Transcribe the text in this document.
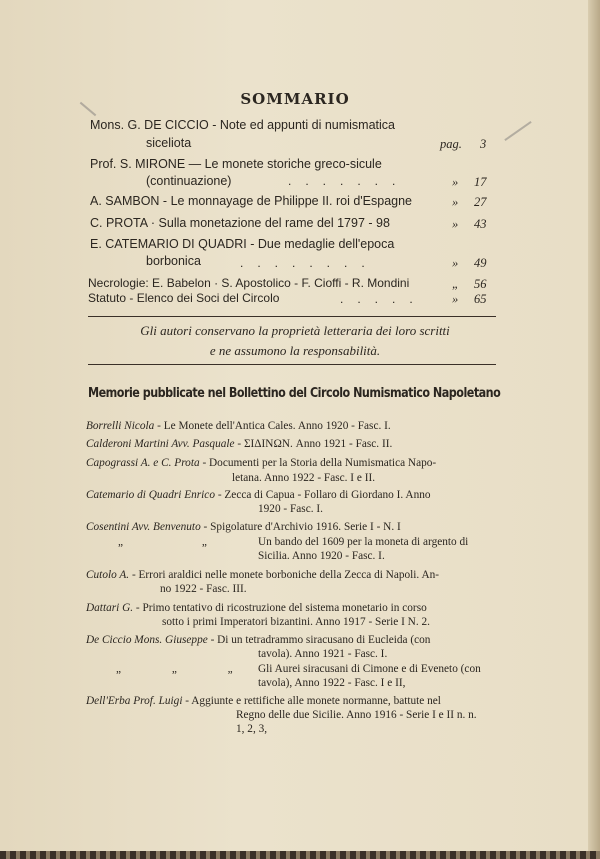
SOMMARIO
Mons. G. DE CICCIO - Note ed appunti di numismatica
siceliota	pag. 3
Prof. S. MIRONE — Le monete storiche greco-sicule
(continuazione)	.......	» 17
A. SAMBON - Le monnayage de Philippe II. roi d'Espagne	» 27
C. PROTA · Sulla monetazione del rame del 1797 - 98	» 43
E. CATEMARIO DI QUADRI - Due medaglie dell'epoca
borbonica	........	» 49
Necrologie: E. Babelon · S. Apostolico - F. Cioffi - R. Mondini	„ 56
Statuto - Elenco dei Soci del Circolo	..... » 65
Gli autori conservano la proprietà letteraria dei loro scritti
e ne assumono la responsabilità.
Memorie pubblicate nel Bollettino del Circolo Numismatico Napoletano
Borrelli Nicola - Le Monete dell'Antica Cales. Anno 1920 - Fasc. I.
Calderoni Martini Avv. Pasquale - ΣΙΔΙΝΩΝ. Anno 1921 - Fasc. II.
Capograssi A. e C. Prota - Documenti per la Storia della Numismatica Napo-
letana. Anno 1922 - Fasc. I e II.
Catemario di Quadri Enrico - Zecca di Capua - Follaro di Giordano I. Anno
1920 - Fasc. I.
Cosentini Avv. Benvenuto - Spigolature d'Archivio 1916. Serie I - N. I
„ „ Un bando del 1609 per la moneta di argento di
Sicilia. Anno 1920 - Fasc. I.
Cutolo A. - Errori araldici nelle monete borboniche della Zecca di Napoli. An-
no 1922 - Fasc. III.
Dattari G. - Primo tentativo di ricostruzione del sistema monetario in corso
sotto i primi Imperatori bizantini. Anno 1917 - Serie I N. 2.
De Ciccio Mons. Giuseppe - Di un tetradrammo siracusano di Eucleida (con
tavola). Anno 1921 - Fasc. I.
„ „ „ Gli Aurei siracusani di Cimone e di Eveneto (con
tavola), Anno 1922 - Fasc. I e II,
Dell'Erba Prof. Luigi - Aggiunte e rettifiche alle monete normanne, battute nel
Regno delle due Sicilie. Anno 1916 - Serie I e II n. n.
1, 2, 3,
